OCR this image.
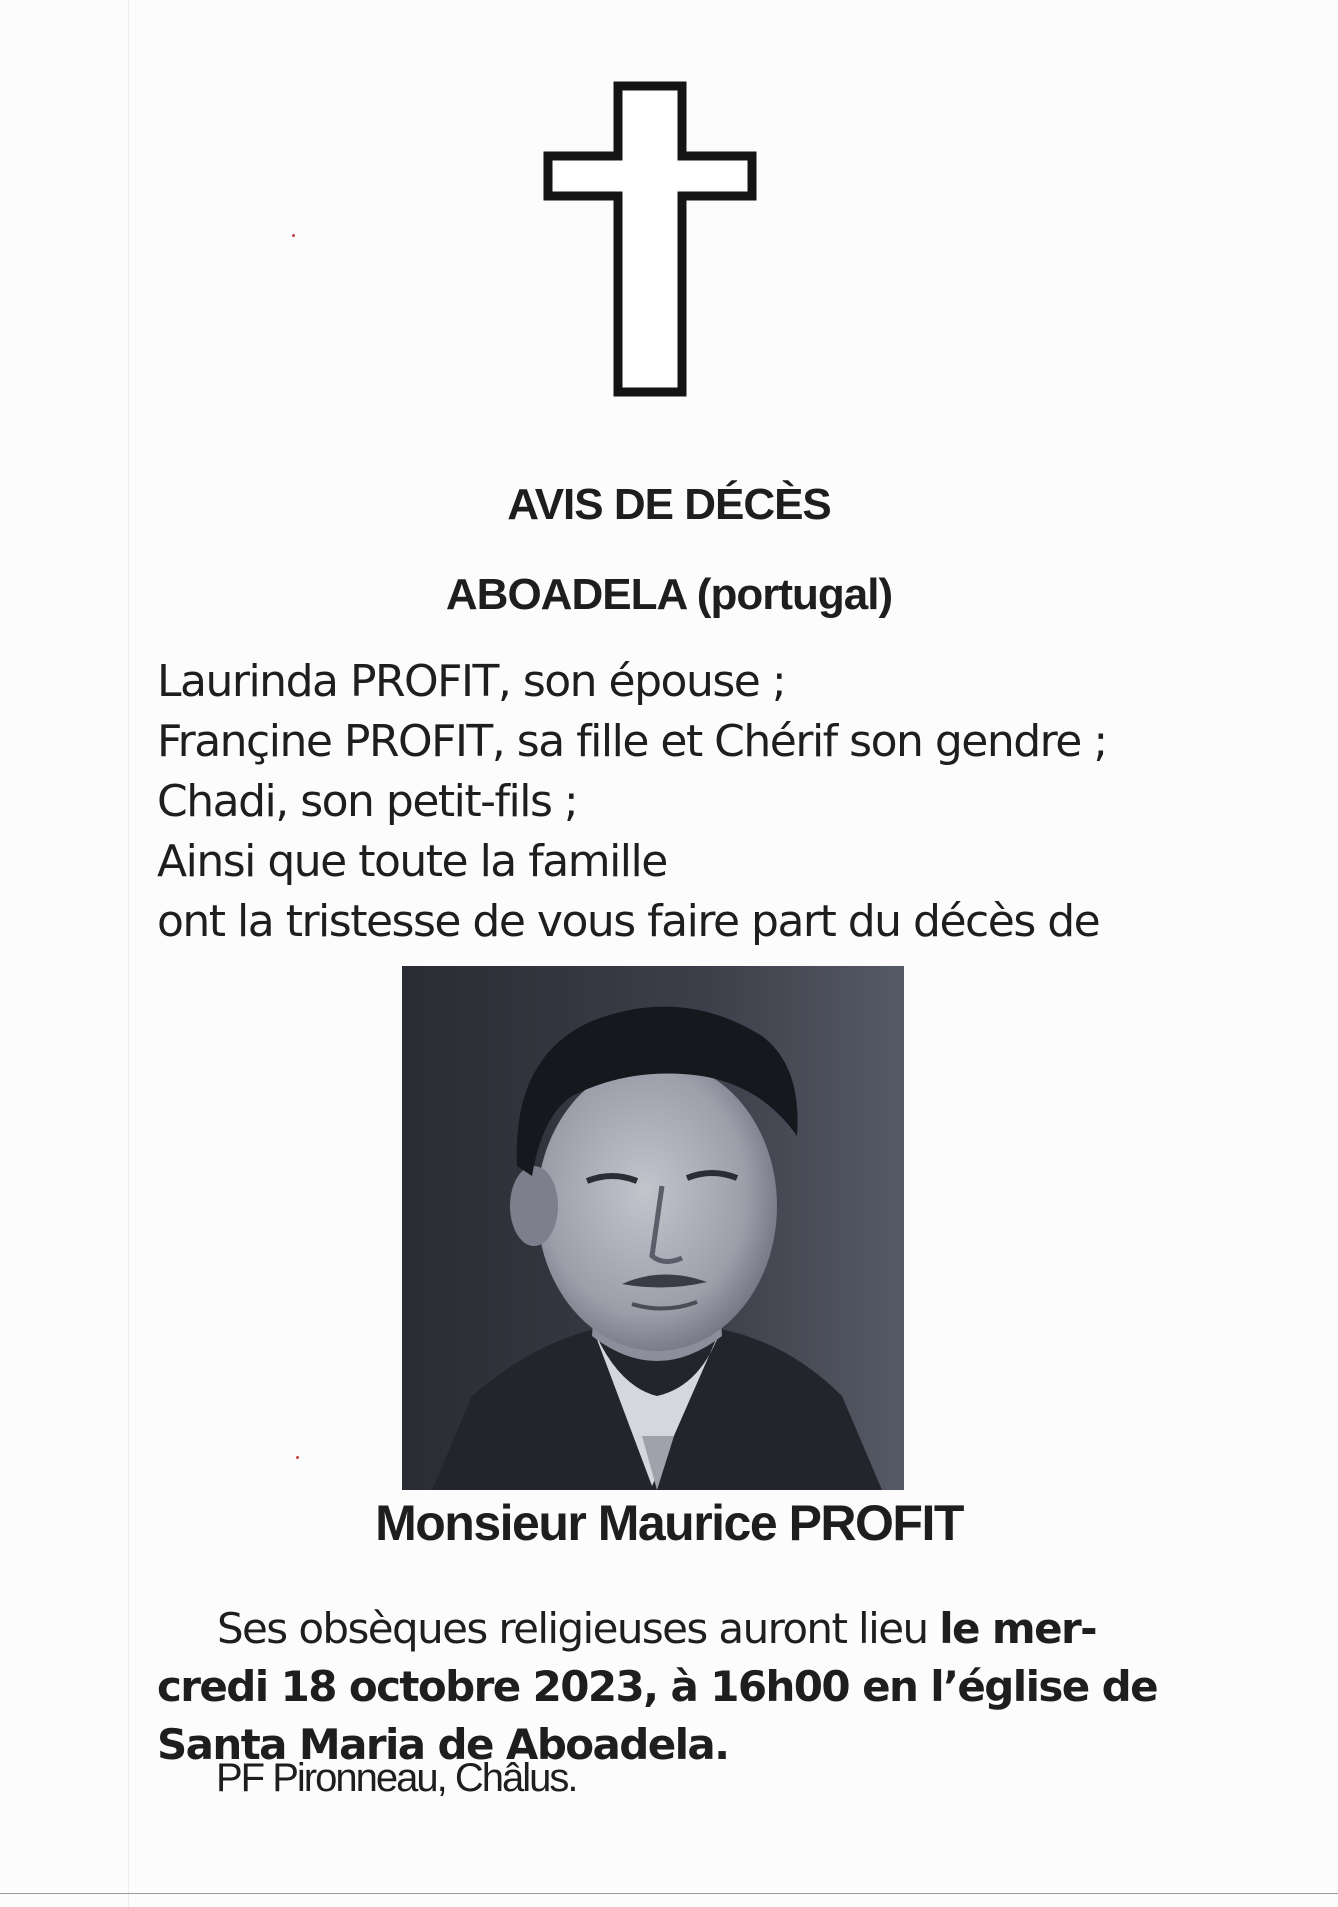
AVIS DE DÉCÈS
ABOADELA (portugal)
Laurinda PROFIT, son épouse ;
Françine PROFIT, sa fille et Chérif son gendre ;
Chadi, son petit-fils ;
Ainsi que toute la famille
ont la tristesse de vous faire part du décès de
Monsieur Maurice PROFIT
Ses obsèques religieuses auront lieu le mer-
credi 18 octobre 2023, à 16h00 en l’église de
Santa Maria de Aboadela.
PF Pironneau, Châlus.
